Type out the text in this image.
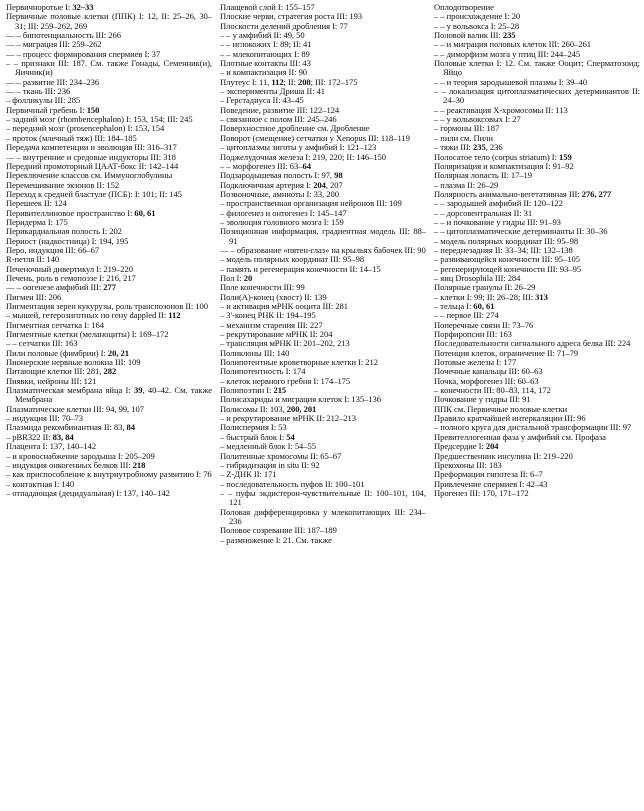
Первичноротые I: 32–33
Первичные половые клетки (ППК) I: 12, II: 25–26, 30–31; III: 259–262, 269
–– – бипотенциальность III: 266
–– – миграция III: 259–262
–– – процесс формирования спермиев I: 37
– – признаки III: 187. См. также Гонады, Семенник(и), Яичник(и)
–– – развитие III: 234–236
–– – ткань III: 236
– фолликулы III: 285
Первичный гребень I: 150
– задний мозг (rhombencephalon) I: 153, 154; III: 245
– передний мозг (prosencephalon) I: 153, 154
– проток (млечный тяж) III: 184–185
Передача компетенции и эволюция III: 316–317
–– – внутренние и средовые индукторы III: 318
Передний промоторный ЦААТ-бокс II: 142–144
Переключение классов см. Иммуноглобулины
Перемешивание экзонов II: 152
Переход к средней бластуле (ПСБ): I: 101; II: 145
Перешеек II: 124
Перивителлиновое пространство I: 60, 61
Перидерма I: 175
Перикардиальная полость I: 202
Периост (надкостница) I: 194, 195
Перо, индукция III: 66–67
R-петля II: 140
Печеночный дивертикул I: 219–220
Печень, роль в гемопоэзе I: 216, 217
–– – оогенезе амфибий III: 277
Пигмеи III: 206
Пигментация зерен кукурузы, роль транспозонов II: 100
– мышей, гетерозиготных по гену dappled II: 112
Пигментная сетчатка I: 164
Пигментные клетки (меланоциты) I: 169–172
– – сетчатки III: 163
Пили половые (фимбрии) I: 20, 21
Пионерские нервные волокна III: 109
Питающие клетки III: 281, 282
Пиявки, нейроны III: 121
Плазматическая мембрана яйца I: 39, 40–42. См. также Мембрана
Плазматические клетки III: 94, 99, 107
– индукция III: 70–73
Плазмида рекомбинантная II: 83, 84
– pBR322 II: 83, 84
Плацента I: 137, 140–142
– и кровоснабжение зародыша I: 205–209
– индукция онкогенных белков III: 218
– как приспособление к внутриутробному развитию I: 76
– контактная I: 140
– отпадающая (децидуальная) I: 137, 140–142
Плащевой слой I: 155–157
Плоские черви, стратегия роста III: 193
Плоскости делений дробления I: 77
– – у амфибий II: 49, 50
– – иглокожих I: 89; II: 41
– – млекопитающих I: 89
Плотные контакты III: 43
– и компактизация II: 90
Плутеус I: 11, 112; II: 208; III: 172–175
– эксперименты Дриша II: 41
– Герстадиуса II: 43–45
Поведение, развитие III: 122–124
– связанное с полом III: 245–246
Поверхностное дробление см. Дробление
Поворот (смещение) сетчатки у Xenopus III: 118–119
– цитоплазмы зиготы у амфибий I: 121–123
Поджелудочная железа I: 219, 220; II: 146–150
– – морфогенез III: 63–64
Подзародышевая полость I: 97, 98
Подключичная артерия I: 204, 207
Позвоночные, амниоты I: 33, 200
– пространственная организация нейронов III: 109
– филогенез и онтогенез I: 145–147
– эволюция головного мозга I: 159
Позиционная информация, градиентная модель III: 88–91
–– – образование «пятен-глаз» на крыльях бабочек III: 90
– модель полярных координат III: 95–98
– память и регенерация конечности II: 14–15
Пол I: 20
Поле конечности III: 99
Поли(А)-конец (хвост) II: 139
– и активация мРНК ооцита III: 281
– 3'-конец РНК II: 194–195
– механизм старения III: 227
– рекрутирование мРНК II: 204
– трансляция мРНК II: 201–202, 213
Поликлоны III: 140
Полипотентные кроветворные клетки I: 212
Полипотентность I: 174
– клеток нервного гребня I: 174–175
Полипоэтин I: 215
Полисахариды и миграция клеток I: 135–136
Полисомы II: 103, 200, 201
– и рекрутирование мРНК II: 212–213
Полиспермия I: 53
– быстрый блок I: 54
– медленный блок I: 54–55
Политенные хромосомы II: 65–67
– гибридизация in situ II: 92
– Z-ДНК II: 171
– последовательность пуфов II: 100–101
– – пуфы экдистерон-чувствительные II: 100–101, 104, 121
Половая дифференцировка у млекопитающих III: 234–236
Половое созревание III: 187–189
– размножение I: 21. См. также
Оплодотворение
– – происхождение I: 20
– – у вольвокса I: 25–28
Половой валик III: 235
– – и миграция половых клеток III: 260–261
– – диморфизм мозга у птиц III: 244–245
Половые клетки I: 12. См. также Ооцит; Сперматозоид; Яйцо
– – и теория зародышевой плазмы I: 39–40
– – локализация цитоплазматических детерминантов II: 24–30
– – реактивация Х-хромосомы II: 113
– – у вольвоксовых I: 27
– гормоны III: 187
– пили см. Пили
– тяжи III: 235, 236
Полосатое тело (corpus striatum) I: 159
Поляризация и компактизация I: 91–92
Полярная лопасть II: 17–19
– плазма II: 26–29
Полярность анимально-вегетативная III: 276, 277
– – зародышей амфибий II: 120–122
– – дорсовентральная II: 31
– – и почкование у гидры III: 91–93
– – цитоплазматические детерминанты II: 30–36
– модель полярных координат III: 95–98
– переднезадняя II: 33–34; III: 132–138
– развивающейся конечности III: 95–105
– регенерирующей конечности III: 93–95
– яиц Drosophila III: 284
Полярные гранулы II: 26–29
– клетки I: 99; II: 26–28; III: 313
– тельца I: 60, 61
– – первое III: 274
Поперечные связи II: 73–76
Порфиропсин III: 163
Последовательности сигнального адреса белка III: 224
Потенция клеток, ограничение II: 71–79
Потовые железы I: 177
Почечные канальцы III: 60–63
Почка, морфогенез III: 60–63
– конечности III: 80–83, 114, 172
Почкование у гидры III: 91
ППК см. Первичные половые клетки
Правило кратчайшей интеркаляции III: 96
– полного круга для дистальной трансформации III: 97
Превителлогенная фаза у амфибий см. Профаза
Предсердие I: 204
Предшественник инсулина II: 219–220
Прекохоны III: 183
Преформации гипотеза II: 6–7
Привлечение спермиев I: 42–43
Прогенез III: 170, 171–172
